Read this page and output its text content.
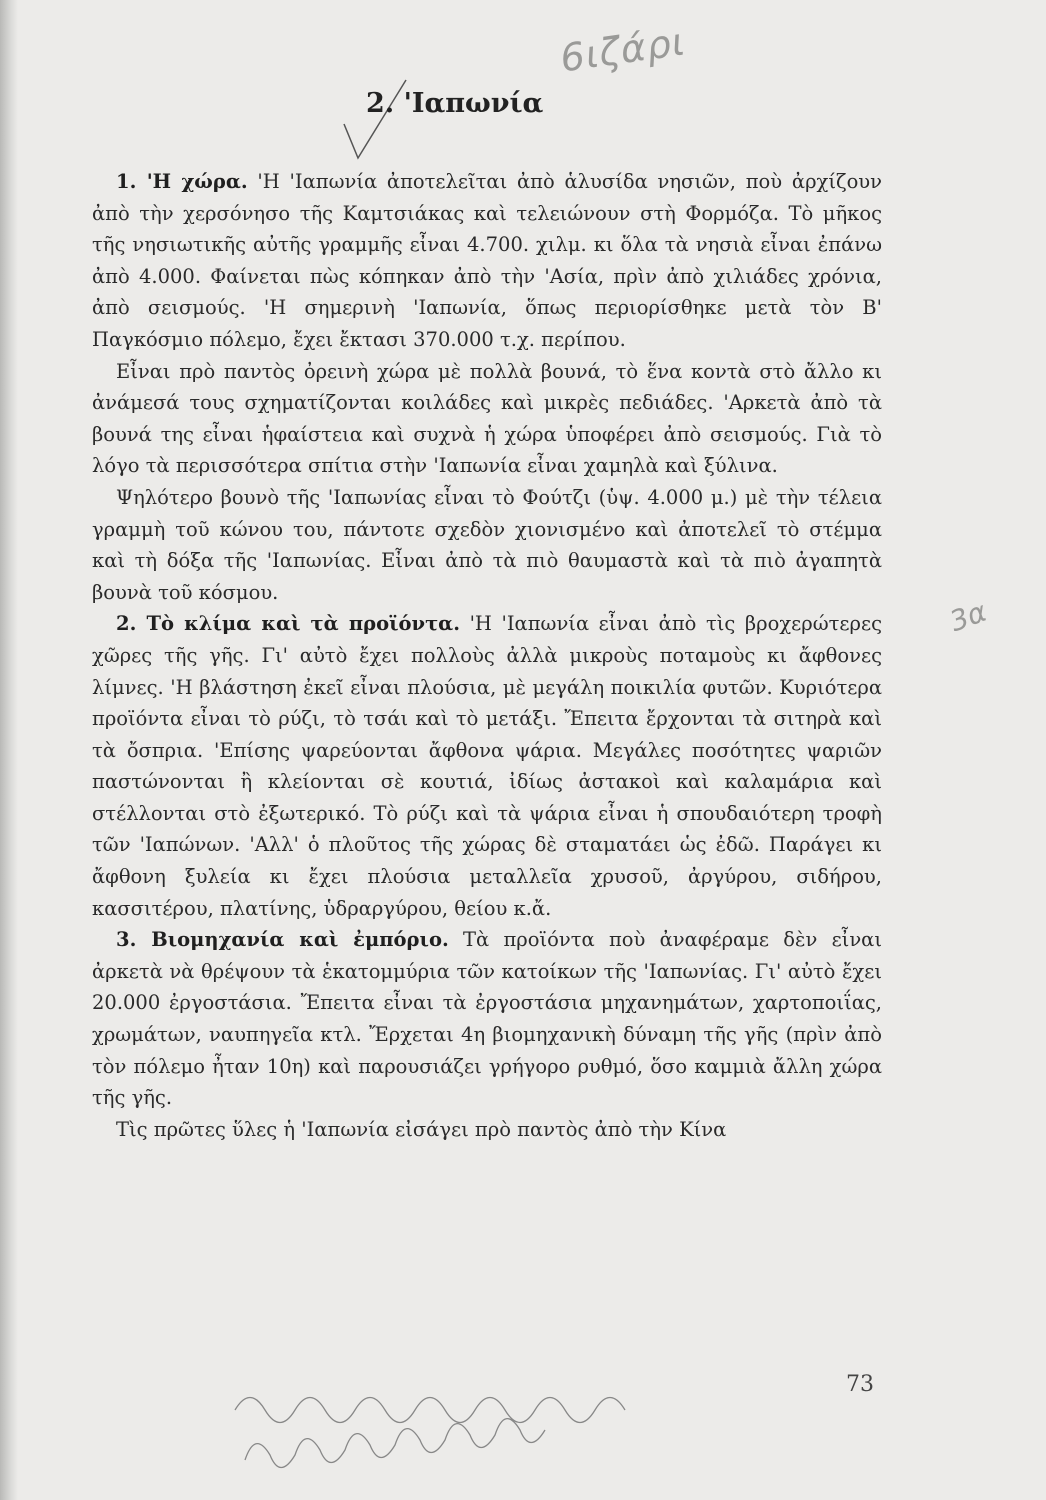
6ιζάρι
3α
2. 'Ιαπωνία

1. 'Η χώρα. 'Η 'Ιαπωνία ἀποτελεῖται ἀπὸ ἁλυσίδα νησιῶν, ποὺ ἀρχίζουν ἀπὸ τὴν χερσόνησο τῆς Καμτσιάκας καὶ τελειώνουν στὴ Φορμόζα. Τὸ μῆκος τῆς νησιωτικῆς αὐτῆς γραμμῆς εἶναι 4.700. χιλμ. κι ὅλα τὰ νησιὰ εἶναι ἐπάνω ἀπὸ 4.000. Φαίνεται πὼς κόπηκαν ἀπὸ τὴν 'Ασία, πρὶν ἀπὸ χιλιάδες χρόνια, ἀπὸ σεισμούς. 'Η σημερινὴ 'Ιαπωνία, ὅπως περιορίσθηκε μετὰ τὸν Β' Παγκόσμιο πόλεμο, ἔχει ἔκτασι 370.000 τ.χ. περίπου.

Εἶναι πρὸ παντὸς ὀρεινὴ χώρα μὲ πολλὰ βουνά, τὸ ἕνα κοντὰ στὸ ἄλλο κι ἀνάμεσά τους σχηματίζονται κοιλάδες καὶ μικρὲς πεδιάδες. 'Αρκετὰ ἀπὸ τὰ βουνά της εἶναι ἡφαίστεια καὶ συχνὰ ἡ χώρα ὑποφέρει ἀπὸ σεισμούς. Γιὰ τὸ λόγο τὰ περισσότερα σπίτια στὴν 'Ιαπωνία εἶναι χαμηλὰ καὶ ξύλινα.

Ψηλότερο βουνὸ τῆς 'Ιαπωνίας εἶναι τὸ Φούτζι (ὑψ. 4.000 μ.) μὲ τὴν τέλεια γραμμὴ τοῦ κώνου του, πάντοτε σχεδὸν χιονισμένο καὶ ἀποτελεῖ τὸ στέμμα καὶ τὴ δόξα τῆς 'Ιαπωνίας. Εἶναι ἀπὸ τὰ πιὸ θαυμαστὰ καὶ τὰ πιὸ ἀγαπητὰ βουνὰ τοῦ κόσμου.

2. Τὸ κλίμα καὶ τὰ προϊόντα. 'Η 'Ιαπωνία εἶναι ἀπὸ τὶς βροχερώτερες χῶρες τῆς γῆς. Γι' αὐτὸ ἔχει πολλοὺς ἀλλὰ μικροὺς ποταμοὺς κι ἄφθονες λίμνες. 'Η βλάστηση ἐκεῖ εἶναι πλούσια, μὲ μεγάλη ποικιλία φυτῶν. Κυριότερα προϊόντα εἶναι τὸ ρύζι, τὸ τσάι καὶ τὸ μετάξι. Ἔπειτα ἔρχονται τὰ σιτηρὰ καὶ τὰ ὄσπρια. 'Επίσης ψαρεύονται ἄφθονα ψάρια. Μεγάλες ποσότητες ψαριῶν παστώνονται ἢ κλείονται σὲ κουτιά, ἰδίως ἀστακοὶ καὶ καλαμάρια καὶ στέλλονται στὸ ἐξωτερικό. Τὸ ρύζι καὶ τὰ ψάρια εἶναι ἡ σπουδαιότερη τροφὴ τῶν 'Ιαπώνων. 'Αλλ' ὁ πλοῦτος τῆς χώρας δὲ σταματάει ὡς ἐδῶ. Παράγει κι ἄφθονη ξυλεία κι ἔχει πλούσια μεταλλεῖα χρυσοῦ, ἀργύρου, σιδήρου, κασσιτέρου, πλατίνης, ὑδραργύρου, θείου κ.ἄ.

3. Βιομηχανία καὶ ἐμπόριο. Τὰ προϊόντα ποὺ ἀναφέραμε δὲν εἶναι ἀρκετὰ νὰ θρέψουν τὰ ἑκατομμύρια τῶν κατοίκων τῆς 'Ιαπωνίας. Γι' αὐτὸ ἔχει 20.000 ἐργοστάσια. Ἔπειτα εἶναι τὰ ἐργοστάσια μηχανημάτων, χαρτοποιΐας, χρωμάτων, ναυπηγεῖα κτλ. Ἔρχεται 4η βιομηχανικὴ δύναμη τῆς γῆς (πρὶν ἀπὸ τὸν πόλεμο ἦταν 10η) καὶ παρουσιάζει γρήγορο ρυθμό, ὅσο καμμιὰ ἄλλη χώρα τῆς γῆς.

Τὶς πρῶτες ὕλες ἡ 'Ιαπωνία εἰσάγει πρὸ παντὸς ἀπὸ τὴν Κίνα

73
